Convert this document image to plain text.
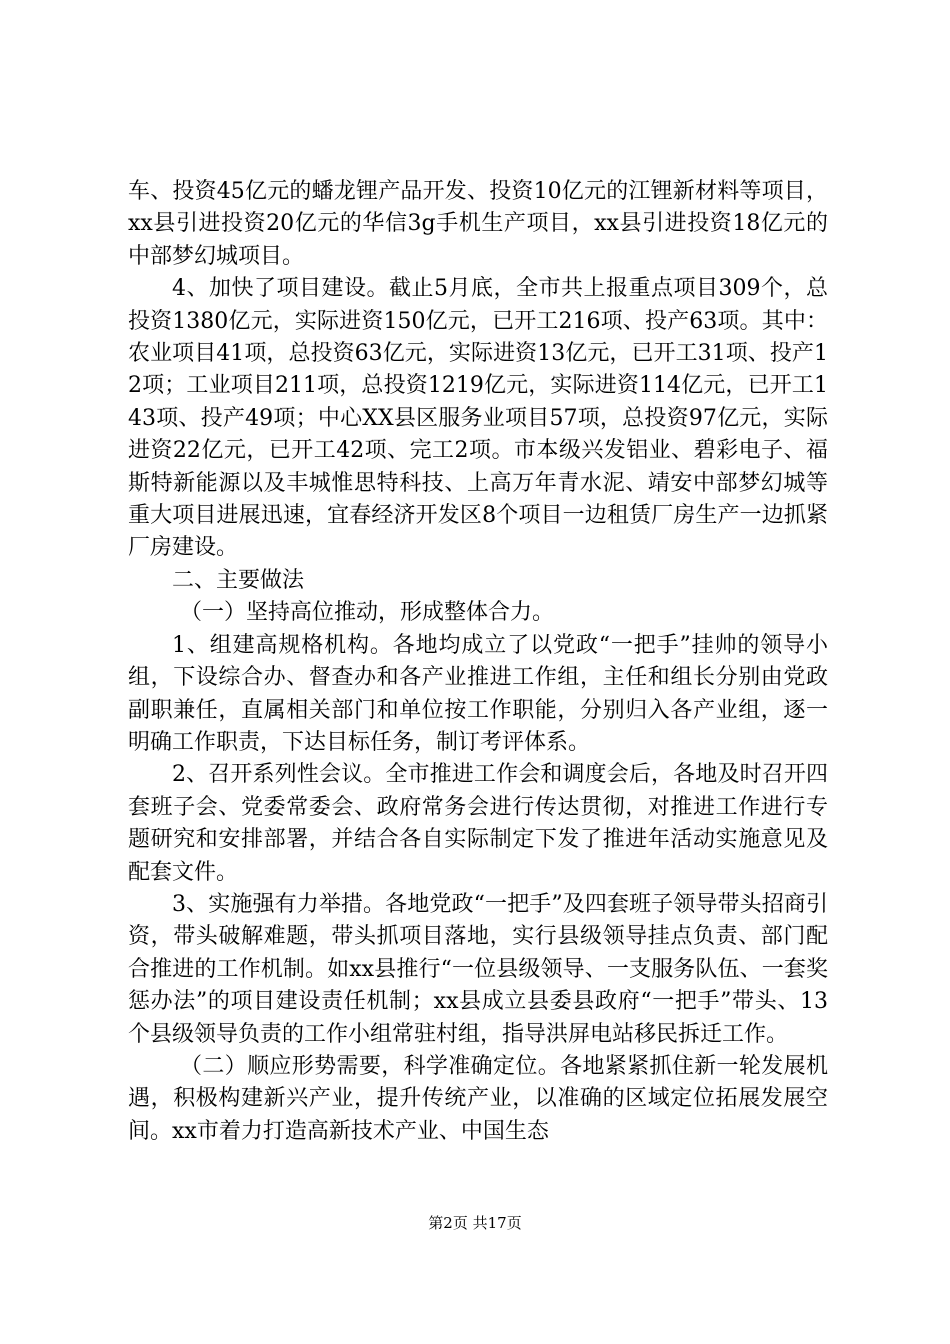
车、投资45亿元的蟠龙锂产品开发、投资10亿元的江锂新材料等项目，xx县引进投资20亿元的华信3g手机生产项目，xx县引进投资18亿元的中部梦幻城项目。

4、加快了项目建设。截止5月底，全市共上报重点项目309个，总投资1380亿元，实际进资150亿元，已开工216项、投产63项。其中：农业项目41项，总投资63亿元，实际进资13亿元，已开工31项、投产12项；工业项目211项，总投资1219亿元，实际进资114亿元，已开工143项、投产49项；中心XX县区服务业项目57项，总投资97亿元，实际进资22亿元，已开工42项、完工2项。市本级兴发铝业、碧彩电子、福斯特新能源以及丰城惟思特科技、上高万年青水泥、靖安中部梦幻城等重大项目进展迅速，宜春经济开发区8个项目一边租赁厂房生产一边抓紧厂房建设。

二、主要做法

（一）坚持高位推动，形成整体合力。

1、组建高规格机构。各地均成立了以党政“一把手”挂帅的领导小组，下设综合办、督查办和各产业推进工作组，主任和组长分别由党政副职兼任，直属相关部门和单位按工作职能，分别归入各产业组，逐一明确工作职责，下达目标任务，制订考评体系。

2、召开系列性会议。全市推进工作会和调度会后，各地及时召开四套班子会、党委常委会、政府常务会进行传达贯彻，对推进工作进行专题研究和安排部署，并结合各自实际制定下发了推进年活动实施意见及配套文件。

3、实施强有力举措。各地党政“一把手”及四套班子领导带头招商引资，带头破解难题，带头抓项目落地，实行县级领导挂点负责、部门配合推进的工作机制。如xx县推行“一位县级领导、一支服务队伍、一套奖惩办法”的项目建设责任机制；xx县成立县委县政府“一把手”带头、13个县级领导负责的工作小组常驻村组，指导洪屏电站移民拆迁工作。

（二）顺应形势需要，科学准确定位。各地紧紧抓住新一轮发展机遇，积极构建新兴产业，提升传统产业，以准确的区域定位拓展发展空间。xx市着力打造高新技术产业、中国生态

第2页 共17页
